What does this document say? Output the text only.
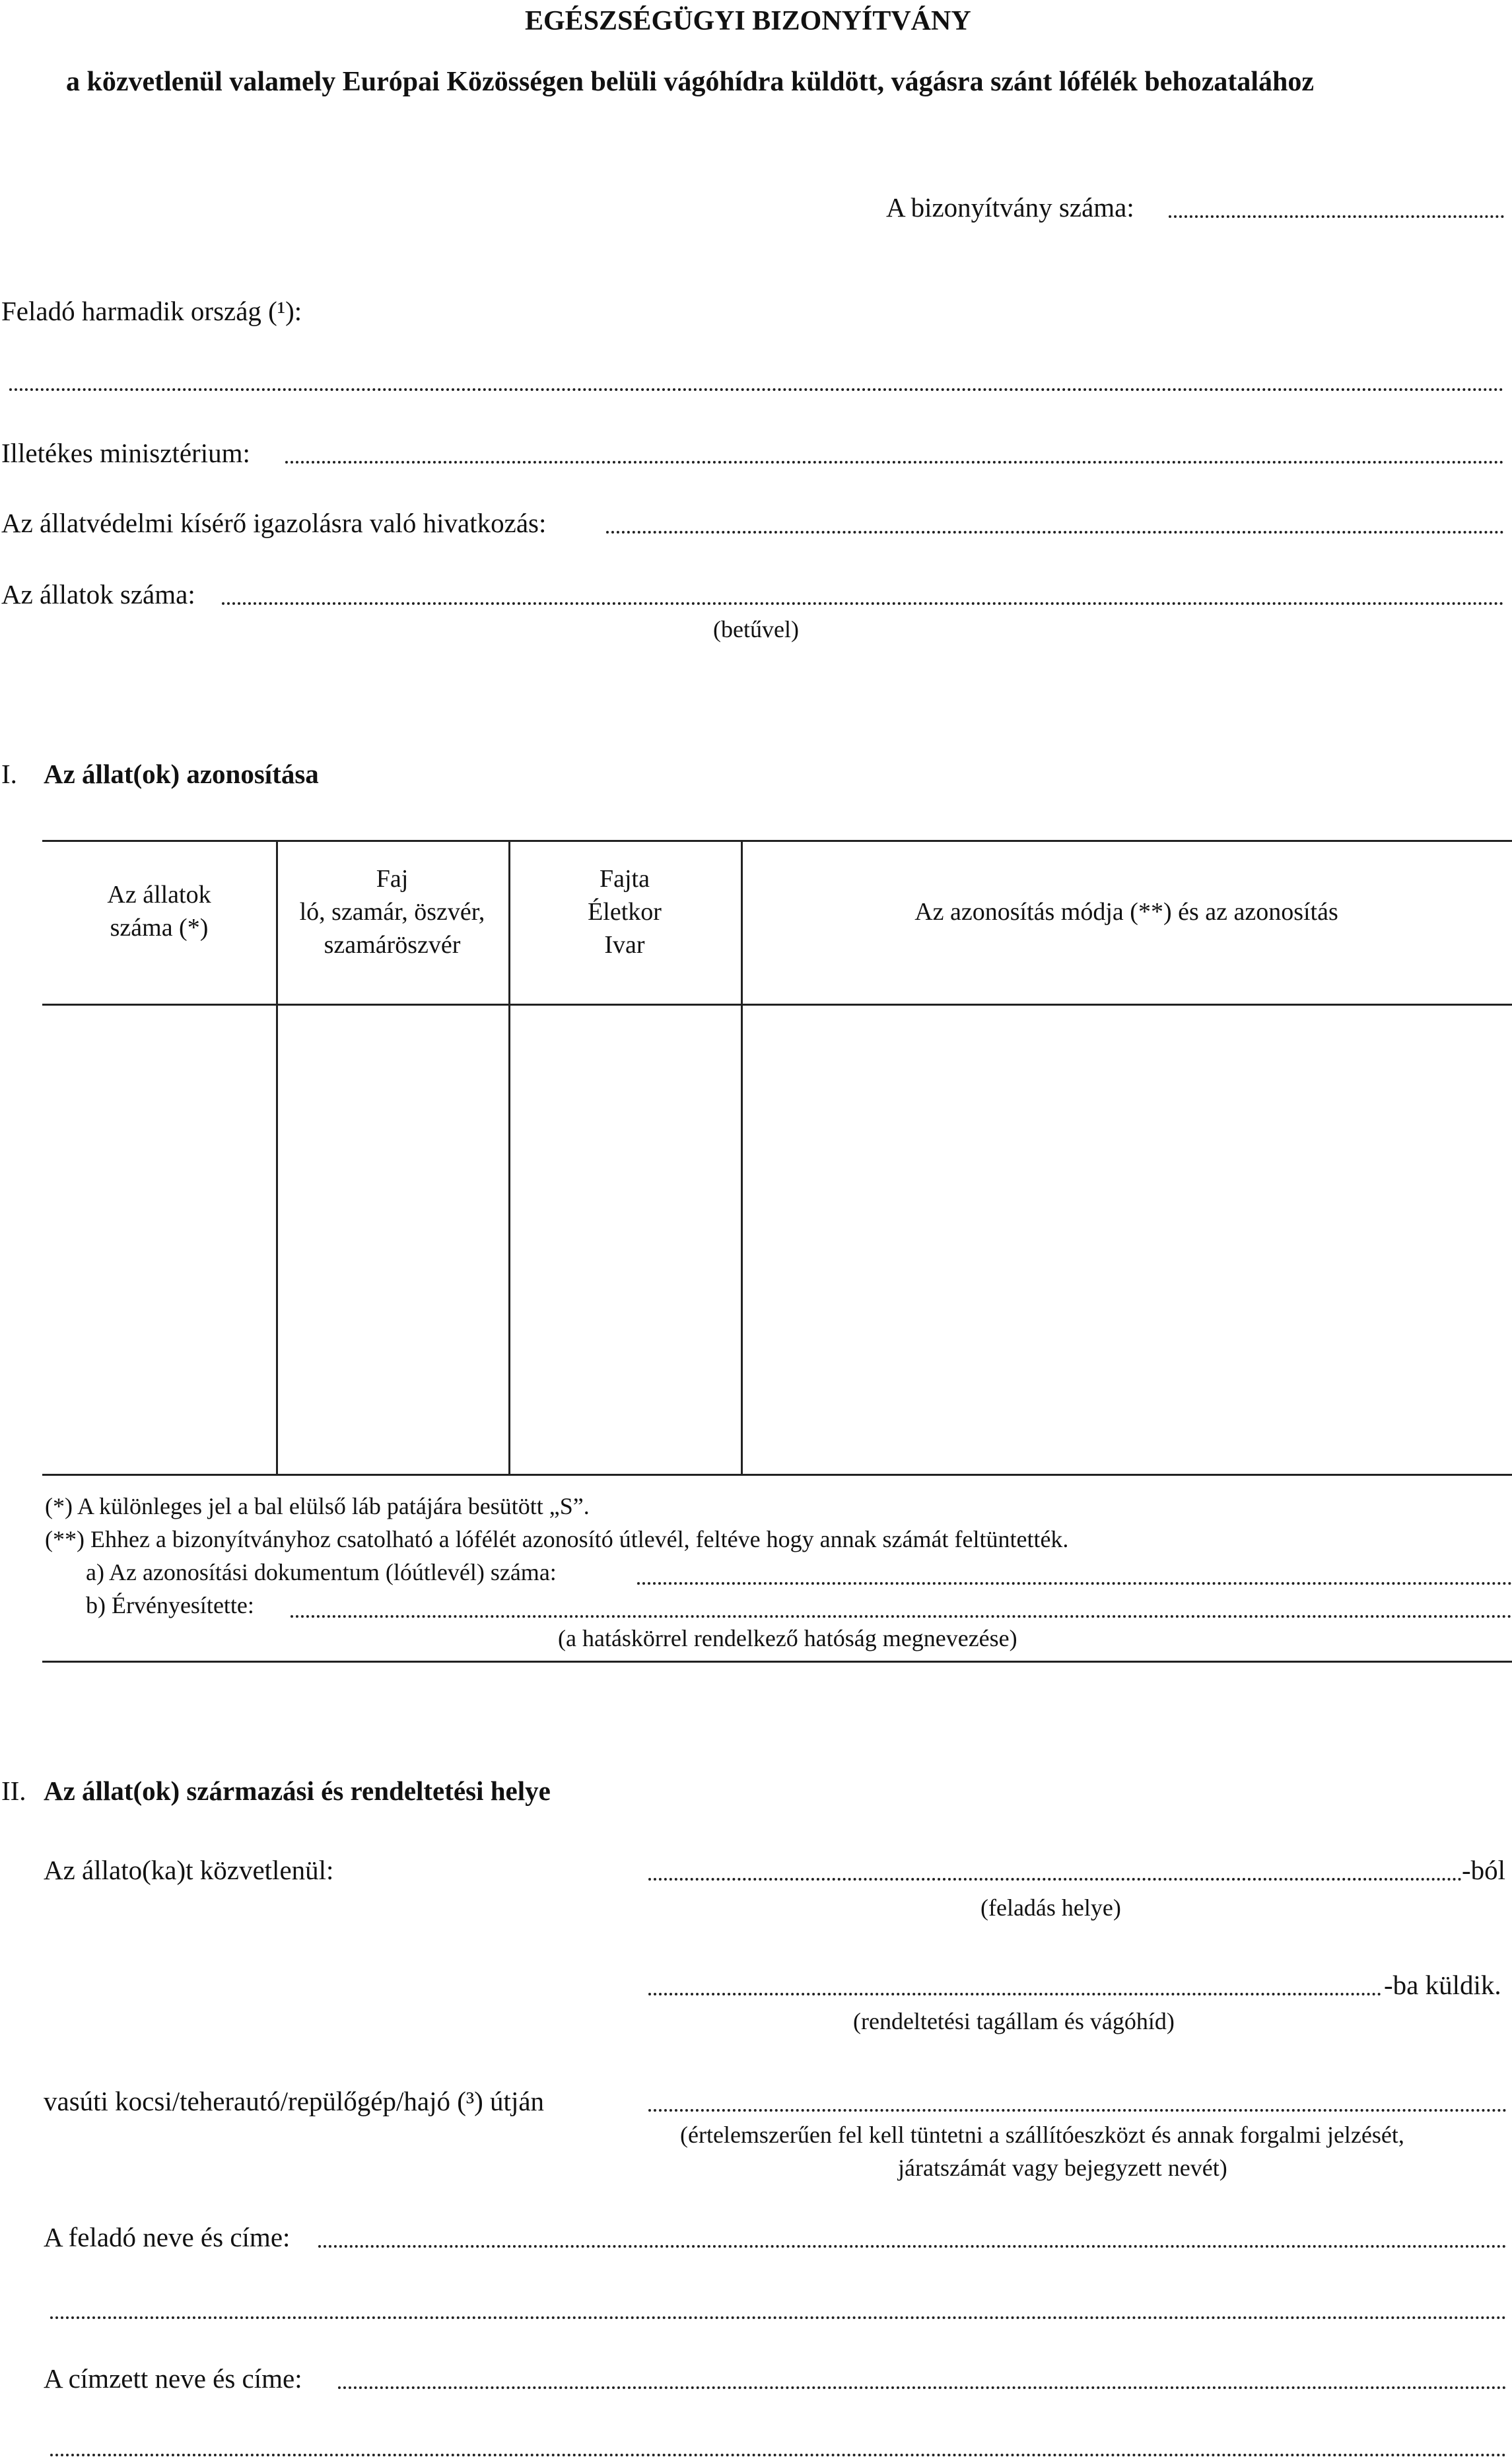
EGÉSZSÉGÜGYI BIZONYÍTVÁNY
a közvetlenül valamely Európai Közösségen belüli vágóhídra küldött, vágásra szánt lófélék behozatalához
A bizonyítvány száma:
Feladó harmadik ország (¹):
Illetékes minisztérium:
Az állatvédelmi kísérő igazolásra való hivatkozás:
Az állatok száma:
(betűvel)
I. Az állat(ok) azonosítása
Az állatok
száma (*)
Faj
ló, szamár, öszvér,
szamáröszvér
Fajta
Életkor
Ivar
Az azonosítás módja (**) és az azonosítás
(*) A különleges jel a bal elülső láb patájára besütött „S”.
(**) Ehhez a bizonyítványhoz csatolható a lófélét azonosító útlevél, feltéve hogy annak számát feltüntették.
a) Az azonosítási dokumentum (lóútlevél) száma:
b) Érvényesítette:
(a hatáskörrel rendelkező hatóság megnevezése)
II. Az állat(ok) származási és rendeltetési helye
Az állato(ka)t közvetlenül:	-ból
(feladás helye)
-ba küldik.
(rendeltetési tagállam és vágóhíd)
vasúti kocsi/teherautó/repülőgép/hajó (³) útján
(értelemszerűen fel kell tüntetni a szállítóeszközt és annak forgalmi jelzését,
járatszámát vagy bejegyzett nevét)
A feladó neve és címe:
A címzett neve és címe:
